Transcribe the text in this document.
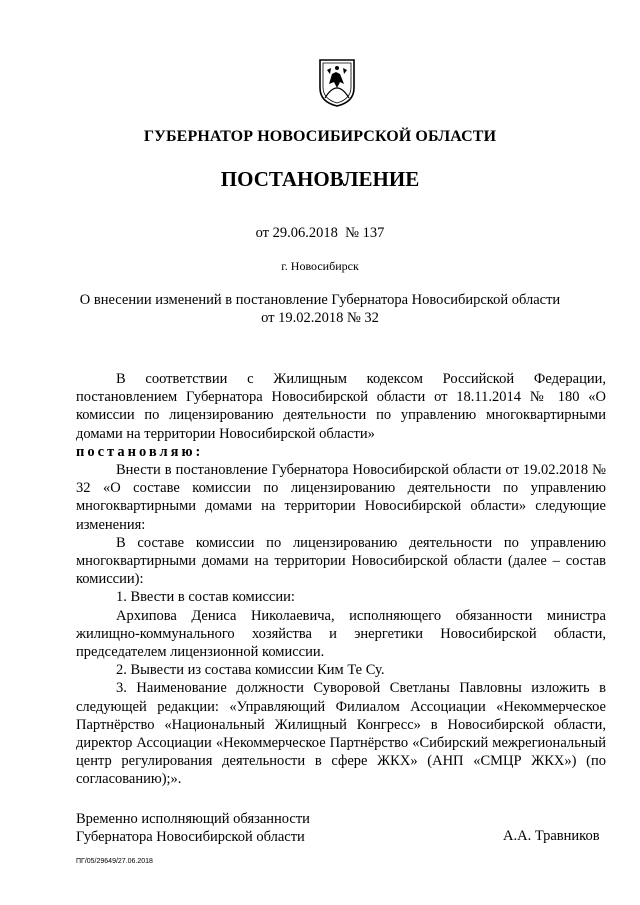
ГУБЕРНАТОР НОВОСИБИРСКОЙ ОБЛАСТИ
ПОСТАНОВЛЕНИЕ
от 29.06.2018  № 137
г. Новосибирск
О внесении изменений в постановление Губернатора Новосибирской области
от 19.02.2018 № 32

В соответствии с Жилищным кодексом Российской Федерации, постановлением Губернатора Новосибирской области от 18.11.2014 № 180 «О комиссии по лицензированию деятельности по управлению многоквартирными домами на территории Новосибирской области»

постановляю:

Внести в постановление Губернатора Новосибирской области от 19.02.2018 № 32 «О составе комиссии по лицензированию деятельности по управлению многоквартирными домами на территории Новосибирской области» следующие изменения:

В составе комиссии по лицензированию деятельности по управлению многоквартирными домами на территории Новосибирской области (далее – состав комиссии):

1. Ввести в состав комиссии:

Архипова Дениса Николаевича, исполняющего обязанности министра жилищно-коммунального хозяйства и энергетики Новосибирской области, председателем лицензионной комиссии.

2. Вывести из состава комиссии Ким Те Су.

3. Наименование должности Суворовой Светланы Павловны изложить в следующей редакции: «Управляющий Филиалом Ассоциации «Некоммерческое Партнёрство «Национальный Жилищный Конгресс» в Новосибирской области, директор Ассоциации «Некоммерческое Партнёрство «Сибирский межрегиональный центр регулирования деятельности в сфере ЖКХ» (АНП «СМЦР ЖКХ») (по согласованию);».

Временно исполняющий обязанности
Губернатора Новосибирской области	А.А. Травников
ПГ/05/29649/27.06.2018
